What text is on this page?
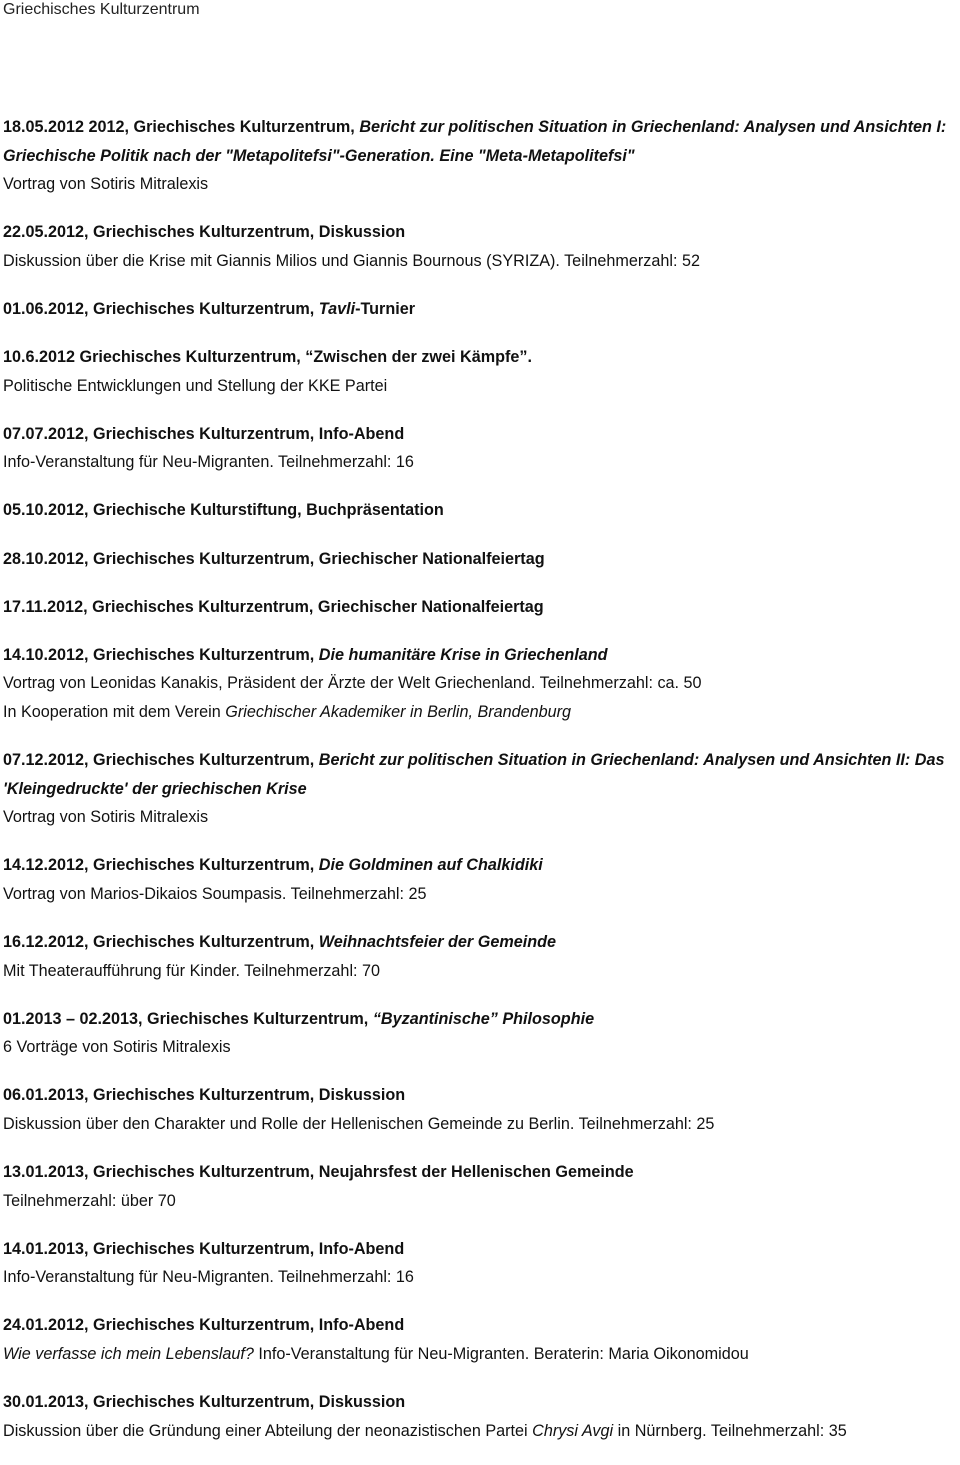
Griechisches Kulturzentrum
18.05.2012 2012, Griechisches Kulturzentrum, Bericht zur politischen Situation in Griechenland: Analysen und Ansichten I: Griechische Politik nach der "Metapolitefsi"-Generation. Eine "Meta-Metapolitefsi"
Vortrag von Sotiris Mitralexis
22.05.2012, Griechisches Kulturzentrum, Diskussion
Diskussion über die Krise mit Giannis Milios und Giannis Bournous (SYRIZA). Teilnehmerzahl: 52
01.06.2012, Griechisches Kulturzentrum, Tavli-Turnier
10.6.2012 Griechisches Kulturzentrum, “Zwischen der zwei Kämpfe”.
Politische Entwicklungen und Stellung der KKE Partei
07.07.2012, Griechisches Kulturzentrum, Info-Abend
Info-Veranstaltung für Neu-Migranten. Teilnehmerzahl: 16
05.10.2012, Griechische Kulturstiftung, Buchpräsentation
28.10.2012, Griechisches Kulturzentrum, Griechischer Nationalfeiertag
17.11.2012, Griechisches Kulturzentrum, Griechischer Nationalfeiertag
14.10.2012, Griechisches Kulturzentrum, Die humanitäre Krise in Griechenland
Vortrag von Leonidas Kanakis, Präsident der Ärzte der Welt Griechenland. Teilnehmerzahl: ca. 50
In Kooperation mit dem Verein Griechischer Akademiker in Berlin, Brandenburg
07.12.2012, Griechisches Kulturzentrum, Bericht zur politischen Situation in Griechenland: Analysen und Ansichten II: Das 'Kleingedruckte' der griechischen Krise
Vortrag von Sotiris Mitralexis
14.12.2012, Griechisches Kulturzentrum, Die Goldminen auf Chalkidiki
Vortrag von Marios-Dikaios Soumpasis. Teilnehmerzahl: 25
16.12.2012, Griechisches Kulturzentrum, Weihnachtsfeier der Gemeinde
Mit Theateraufführung für Kinder. Teilnehmerzahl: 70
01.2013 – 02.2013, Griechisches Kulturzentrum, “Byzantinische” Philosophie
6 Vorträge von Sotiris Mitralexis
06.01.2013, Griechisches Kulturzentrum, Diskussion
Diskussion über den Charakter und Rolle der Hellenischen Gemeinde zu Berlin. Teilnehmerzahl: 25
13.01.2013, Griechisches Kulturzentrum, Neujahrsfest der Hellenischen Gemeinde
Teilnehmerzahl: über 70
14.01.2013, Griechisches Kulturzentrum, Info-Abend
Info-Veranstaltung für Neu-Migranten. Teilnehmerzahl: 16
24.01.2012, Griechisches Kulturzentrum, Info-Abend
Wie verfasse ich mein Lebenslauf? Info-Veranstaltung für Neu-Migranten. Beraterin: Maria Oikonomidou
30.01.2013, Griechisches Kulturzentrum, Diskussion
Diskussion über die Gründung einer Abteilung der neonazistischen Partei Chrysi Avgi in Nürnberg. Teilnehmerzahl: 35
